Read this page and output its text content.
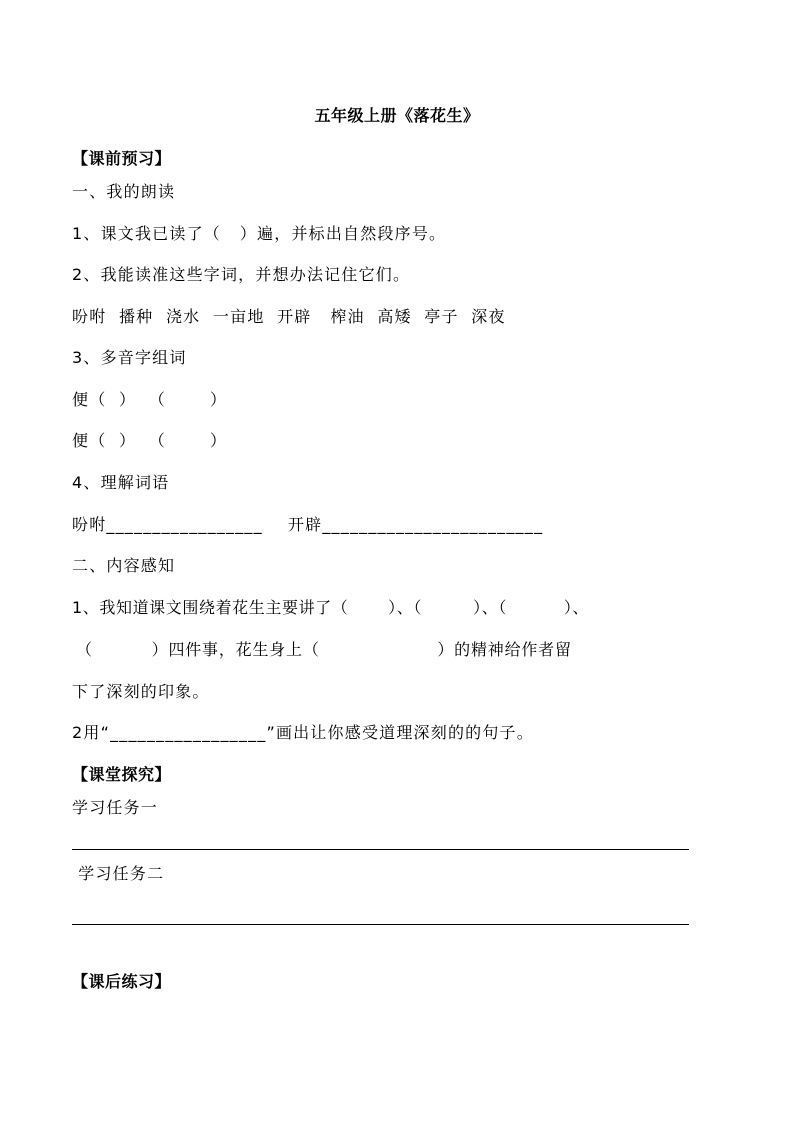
五年级上册《落花生》
【课前预习】
一、我的朗读
1、课文我已读了（   ）遍，并标出自然段序号。
2、我能读准这些字词，并想办法记住它们。
吩咐  播种  浇水  一亩地  开辟   榨油  高矮  亭子  深夜
3、多音字组词
便（  ）  （       ）
便（  ）  （       ）
4、理解词语
吩咐_________________    开辟________________________
二、内容感知
1、我知道课文围绕着花生主要讲了（       ）、（         ）、（          ）、
（          ）四件事，花生身上（                    ）的精神给作者留
下了深刻的印象。
2用“_________________”画出让你感受道理深刻的的句子。
【课堂探究】
学习任务一
学习任务二
【课后练习】
